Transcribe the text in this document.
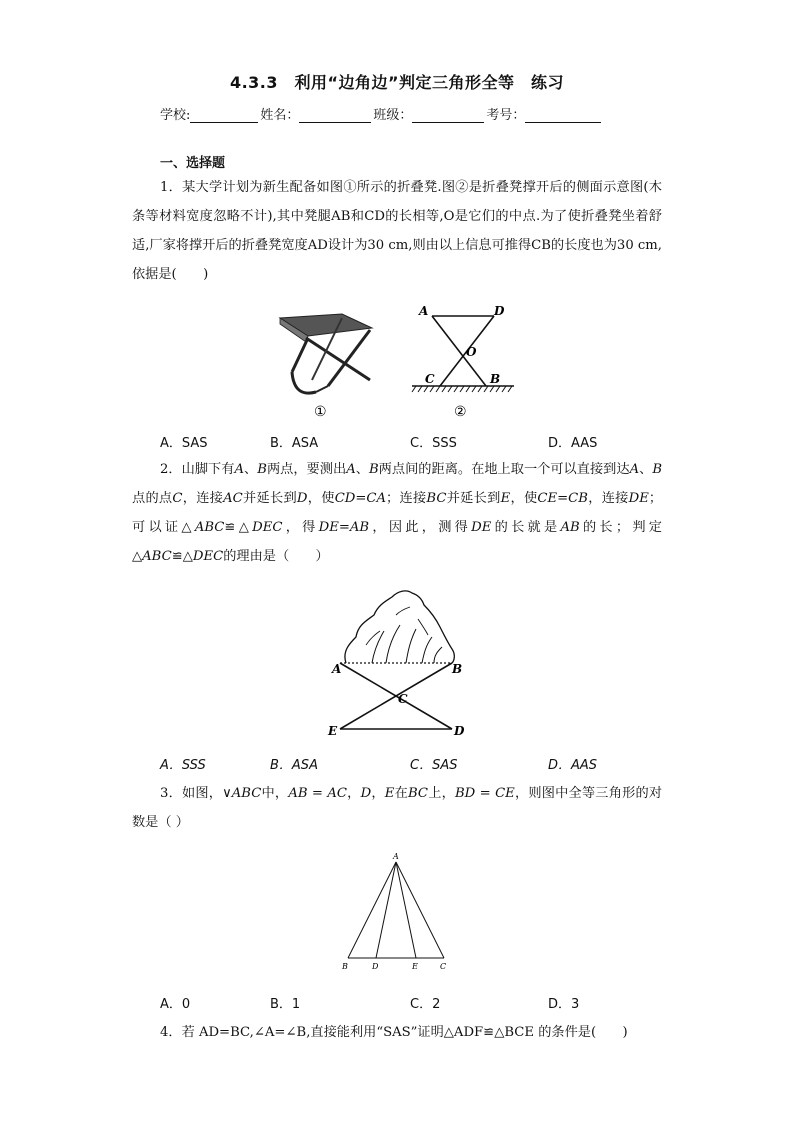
4.3.3　利用“边角边”判定三角形全等　练习
学校:	姓名：	班级：	考号：
一、选择题
1．某大学计划为新生配备如图①所示的折叠凳.图②是折叠凳撑开后的侧面示意图(木条等材料宽度忽略不计),其中凳腿AB和CD的长相等,O是它们的中点.为了使折叠凳坐着舒适,厂家将撑开后的折叠凳宽度AD设计为30 cm,则由以上信息可推得CB的长度也为30 cm,依据是(　　)
①
A	D
O
C	B
②
A．SAS	B．ASA	C．SSS	D．AAS
2．山脚下有A、B两点，要测出A、B两点间的距离。在地上取一个可以直接到达A、B点的点C，连接AC并延长到D，使CD=CA；连接BC并延长到E，使CE=CB，连接DE；可以证△ABC≌△DEC，得DE=AB，因此，测得DE的长就是AB的长；判定△ABC≌△DEC的理由是（　　）
A	B
C
E	D
A．SSS	B．ASA	C．SAS	D．AAS
3．如图，∨ABC中，AB = AC，D，E在BC上，BD = CE，则图中全等三角形的对数是（ ）
A
B	D	E	C
A．0	B．1	C．2	D．3
4．若 AD=BC,∠A=∠B,直接能利用“SAS”证明△ADF≌△BCE 的条件是(　　)
